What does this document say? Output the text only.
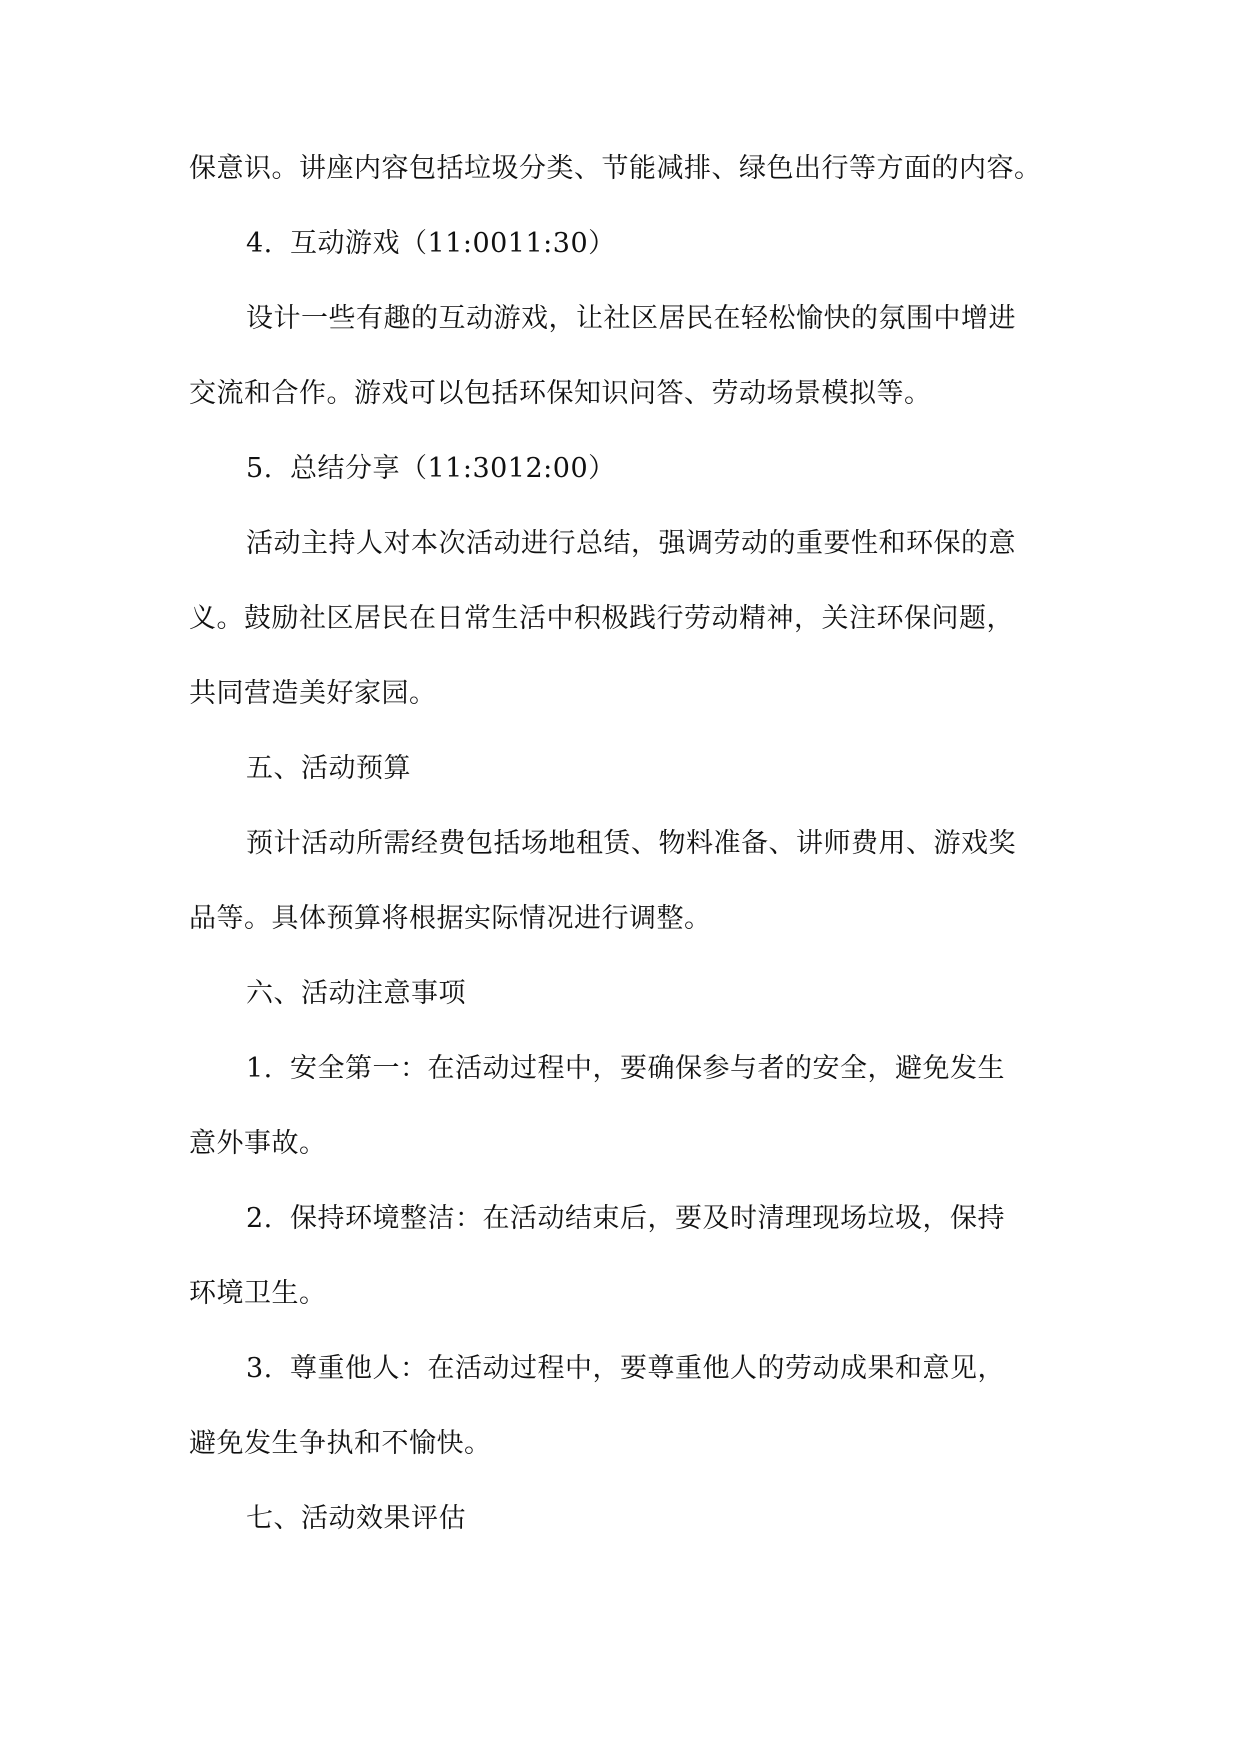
保意识。讲座内容包括垃圾分类、节能减排、绿色出行等方面的内容。
4. 互动游戏（11:0011:30）
设计一些有趣的互动游戏，让社区居民在轻松愉快的氛围中增进
交流和合作。游戏可以包括环保知识问答、劳动场景模拟等。
5. 总结分享（11:3012:00）
活动主持人对本次活动进行总结，强调劳动的重要性和环保的意
义。鼓励社区居民在日常生活中积极践行劳动精神，关注环保问题，
共同营造美好家园。
五、活动预算
预计活动所需经费包括场地租赁、物料准备、讲师费用、游戏奖
品等。具体预算将根据实际情况进行调整。
六、活动注意事项
1. 安全第一：在活动过程中，要确保参与者的安全，避免发生
意外事故。
2. 保持环境整洁：在活动结束后，要及时清理现场垃圾，保持
环境卫生。
3. 尊重他人：在活动过程中，要尊重他人的劳动成果和意见，
避免发生争执和不愉快。
七、活动效果评估
